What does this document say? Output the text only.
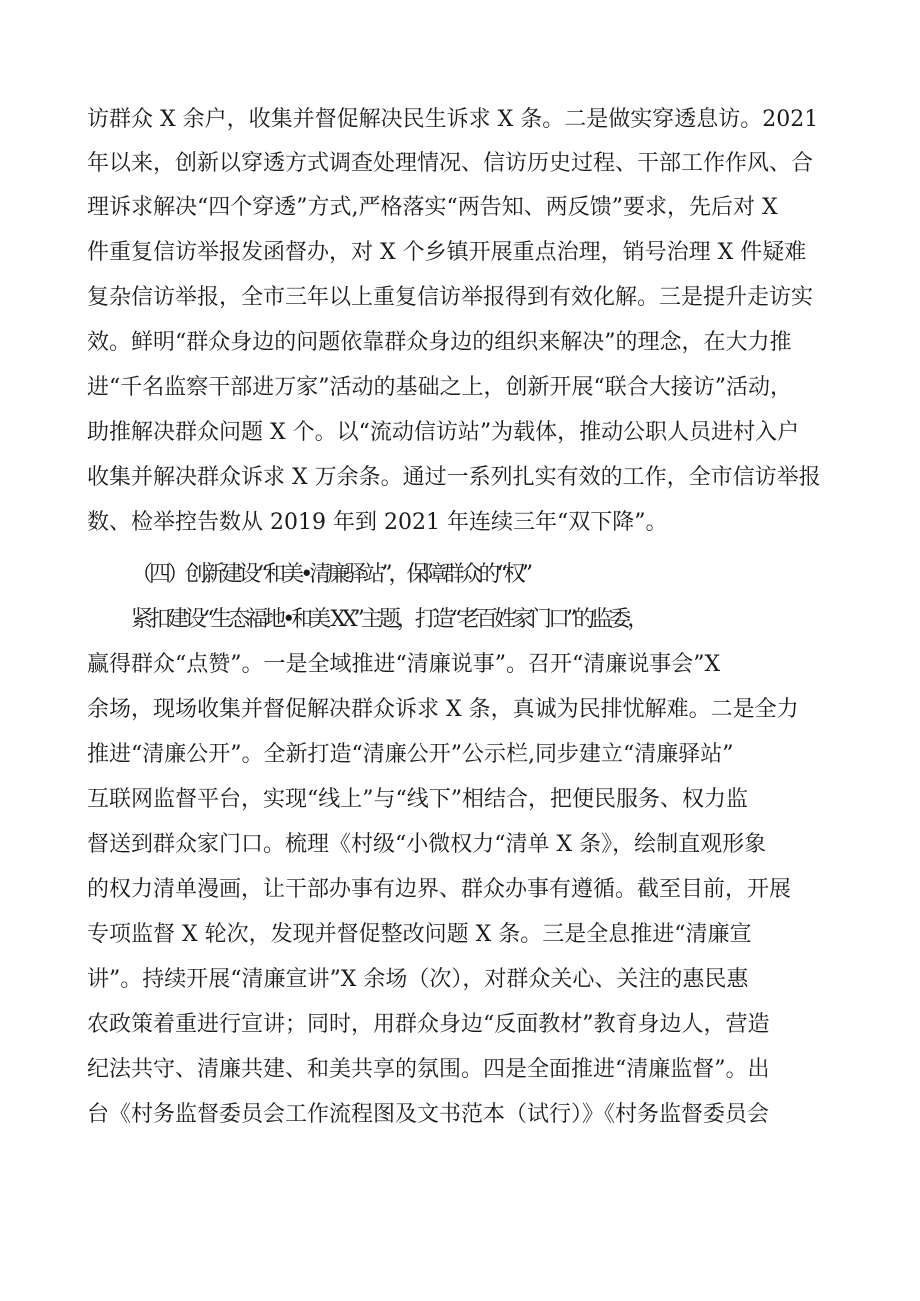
访群众 X 余户，收集并督促解决民生诉求 X 条。二是做实穿透息访。2021
年以来，创新以穿透方式调查处理情况、信访历史过程、干部工作作风、合
理诉求解决“四个穿透”方式,严格落实“两告知、两反馈”要求，先后对 X
件重复信访举报发函督办，对 X 个乡镇开展重点治理，销号治理 X 件疑难
复杂信访举报，全市三年以上重复信访举报得到有效化解。三是提升走访实
效。鲜明“群众身边的问题依靠群众身边的组织来解决”的理念，在大力推
进“千名监察干部进万家”活动的基础之上，创新开展“联合大接访”活动，
助推解决群众问题 X 个。以“流动信访站”为载体，推动公职人员进村入户
收集并解决群众诉求 X 万余条。通过一系列扎实有效的工作，全市信访举报
数、检举控告数从 2019 年到 2021 年连续三年“双下降”。
（四）创新建设“和美•清廉驿站”，保障群众的“权”
紧扣建设“生态福地•和美 XX”主题，打造“老百姓家门口”的监委，
赢得群众“点赞”。一是全域推进“清廉说事”。召开“清廉说事会”X
余场，现场收集并督促解决群众诉求 X 条，真诚为民排忧解难。二是全力
推进“清廉公开”。全新打造“清廉公开”公示栏,同步建立“清廉驿站”
互联网监督平台，实现“线上”与“线下”相结合，把便民服务、权力监
督送到群众家门口。梳理《村级“小微权力“清单 X 条》，绘制直观形象
的权力清单漫画，让干部办事有边界、群众办事有遵循。截至目前，开展
专项监督 X 轮次，发现并督促整改问题 X 条。三是全息推进“清廉宣
讲”。持续开展“清廉宣讲”X 余场（次），对群众关心、关注的惠民惠
农政策着重进行宣讲；同时，用群众身边“反面教材”教育身边人，营造
纪法共守、清廉共建、和美共享的氛围。四是全面推进“清廉监督”。出
台《村务监督委员会工作流程图及文书范本（试行）》《村务监督委员会
